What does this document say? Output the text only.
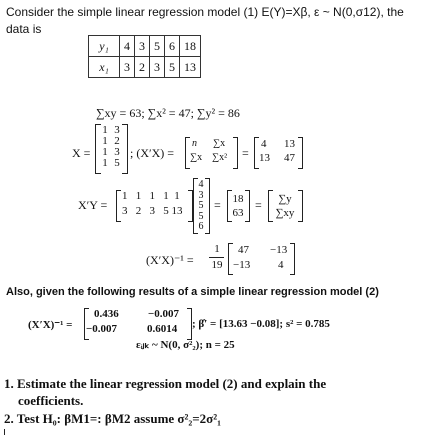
Consider the simple linear regression model (1) E(Y)=Xβ, ε ~ N(0,σ12), the data is
y₁	4	3	5	6	18
x₁	3	2	3	5	13
∑xy = 63; ∑x² = 47; ∑y² = 86
X =
1
1
1
1
3
2
3
5
; (X′X) =
n ∑x
∑x ∑x² =
4 13
13 47
X′Y =
1 1 1 1 1
3 2 3 5 13
4
3
5
5
6
= 18
63
=	∑y
∑xy
(X′X)⁻¹ =
1
19
47 −13
−13	4
Also, given the following results of a simple linear regression model (2)
(X′X)⁻¹ =
0.436	−0.007
−0.007	0.6014 ; β̂′ = [13.63 −0.08]; s² = 0.785
εᵢⱼₖ ~ N(0, σ²₂); n = 25
1. Estimate the linear regression model (2) and explain the
coefficients.
2. Test H₀: βM1=: βM2 assume σ²₂=2σ²₁
